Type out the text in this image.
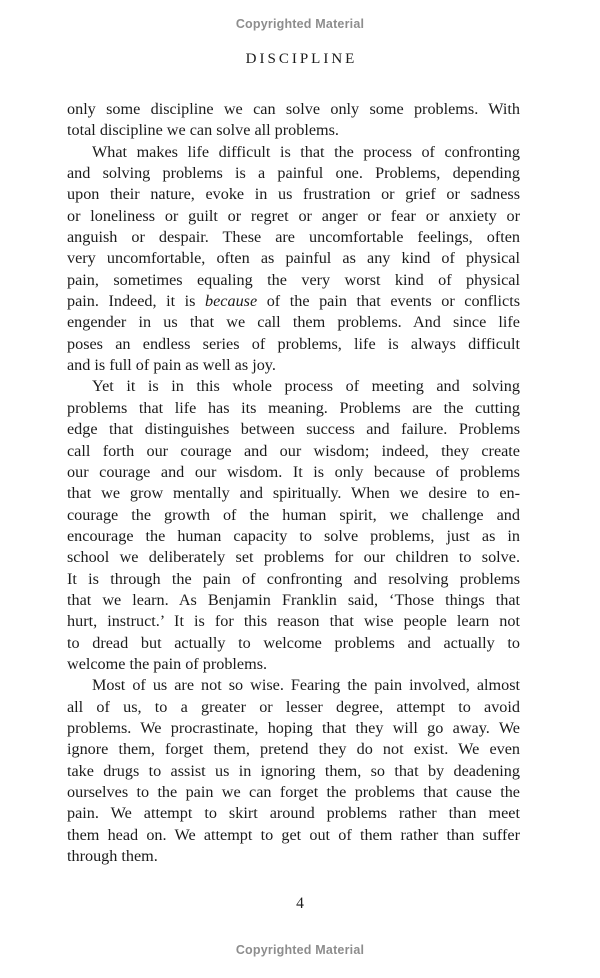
Copyrighted Material
DISCIPLINE
only some discipline we can solve only some problems. With
total discipline we can solve all problems.
What makes life difficult is that the process of confronting
and solving problems is a painful one. Problems, depending
upon their nature, evoke in us frustration or grief or sadness
or loneliness or guilt or regret or anger or fear or anxiety or
anguish or despair. These are uncomfortable feelings, often
very uncomfortable, often as painful as any kind of physical
pain, sometimes equaling the very worst kind of physical
pain. Indeed, it is because of the pain that events or conflicts
engender in us that we call them problems. And since life
poses an endless series of problems, life is always difficult
and is full of pain as well as joy.
Yet it is in this whole process of meeting and solving
problems that life has its meaning. Problems are the cutting
edge that distinguishes between success and failure. Problems
call forth our courage and our wisdom; indeed, they create
our courage and our wisdom. It is only because of problems
that we grow mentally and spiritually. When we desire to en-
courage the growth of the human spirit, we challenge and
encourage the human capacity to solve problems, just as in
school we deliberately set problems for our children to solve.
It is through the pain of confronting and resolving problems
that we learn. As Benjamin Franklin said, ‘Those things that
hurt, instruct.’ It is for this reason that wise people learn not
to dread but actually to welcome problems and actually to
welcome the pain of problems.
Most of us are not so wise. Fearing the pain involved, almost
all of us, to a greater or lesser degree, attempt to avoid
problems. We procrastinate, hoping that they will go away. We
ignore them, forget them, pretend they do not exist. We even
take drugs to assist us in ignoring them, so that by deadening
ourselves to the pain we can forget the problems that cause the
pain. We attempt to skirt around problems rather than meet
them head on. We attempt to get out of them rather than suffer
through them.
4
Copyrighted Material
